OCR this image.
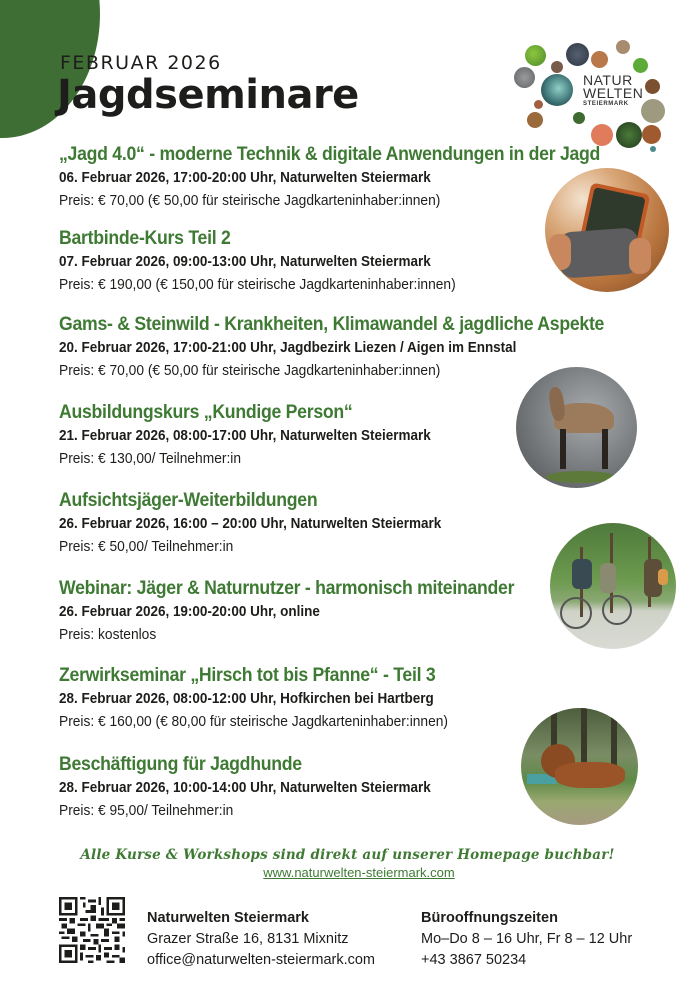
FEBRUAR 2026
Jagdseminare	NATUR
WELTEN
STEIERMARK
„Jagd 4.0“ - moderne Technik & digitale Anwendungen in der Jagd
06. Februar 2026, 17:00-20:00 Uhr, Naturwelten Steiermark
Preis: € 70,00 (€ 50,00 für steirische Jagdkarteninhaber:innen)
Bartbinde-Kurs Teil 2
07. Februar 2026, 09:00-13:00 Uhr, Naturwelten Steiermark
Preis: € 190,00 (€ 150,00 für steirische Jagdkarteninhaber:innen)
Gams- & Steinwild - Krankheiten, Klimawandel & jagdliche Aspekte
20. Februar 2026, 17:00-21:00 Uhr, Jagdbezirk Liezen / Aigen im Ennstal
Preis: € 70,00 (€ 50,00 für steirische Jagdkarteninhaber:innen)
Ausbildungskurs „Kundige Person“
21. Februar 2026, 08:00-17:00 Uhr, Naturwelten Steiermark
Preis: € 130,00/ Teilnehmer:in
Aufsichtsjäger-Weiterbildungen
26. Februar 2026, 16:00 – 20:00 Uhr, Naturwelten Steiermark
Preis: € 50,00/ Teilnehmer:in
Webinar: Jäger & Naturnutzer - harmonisch miteinander
26. Februar 2026, 19:00-20:00 Uhr, online
Preis: kostenlos
Zerwirkseminar „Hirsch tot bis Pfanne“ - Teil 3
28. Februar 2026, 08:00-12:00 Uhr, Hofkirchen bei Hartberg
Preis: € 160,00 (€ 80,00 für steirische Jagdkarteninhaber:innen)
Beschäftigung für Jagdhunde
28. Februar 2026, 10:00-14:00 Uhr, Naturwelten Steiermark
Preis: € 95,00/ Teilnehmer:in
Alle Kurse & Workshops sind direkt auf unserer Homepage buchbar!
www.naturwelten-steiermark.com
Naturwelten Steiermark
Grazer Straße 16, 8131 Mixnitz
office@naturwelten-steiermark.com
Bürooffnungszeiten
Mo–Do 8 – 16 Uhr, Fr 8 – 12 Uhr
+43 3867 50234
